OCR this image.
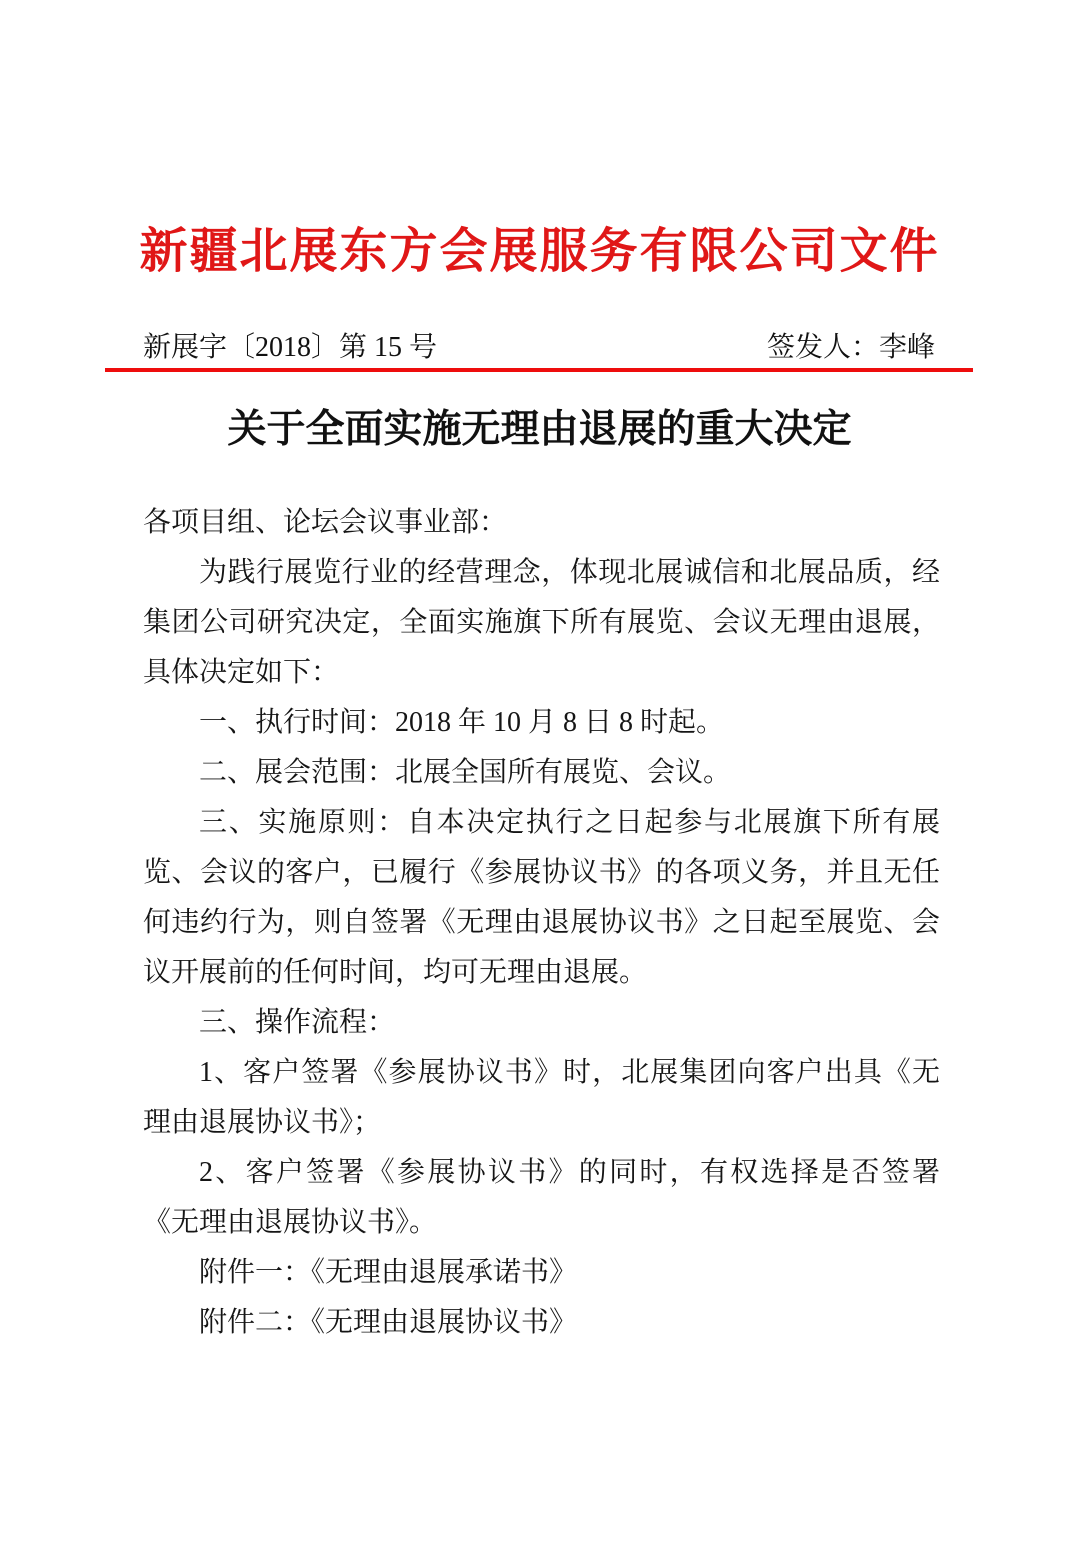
新疆北展东方会展服务有限公司文件
新展字〔2018〕第 15 号	签发人：李峰
关于全面实施无理由退展的重大决定

各项目组、论坛会议事业部：

为践行展览行业的经营理念，体现北展诚信和北展品质，经集团公司研究决定，全面实施旗下所有展览、会议无理由退展，具体决定如下：

一、执行时间：2018 年 10 月 8 日 8 时起。

二、展会范围：北展全国所有展览、会议。

三、实施原则：自本决定执行之日起参与北展旗下所有展览、会议的客户，已履行《参展协议书》的各项义务，并且无任何违约行为，则自签署《无理由退展协议书》之日起至展览、会议开展前的任何时间，均可无理由退展。

三、操作流程：

1、客户签署《参展协议书》时，北展集团向客户出具《无理由退展协议书》；

2、客户签署《参展协议书》的同时，有权选择是否签署《无理由退展协议书》。

附件一：《无理由退展承诺书》

附件二：《无理由退展协议书》
